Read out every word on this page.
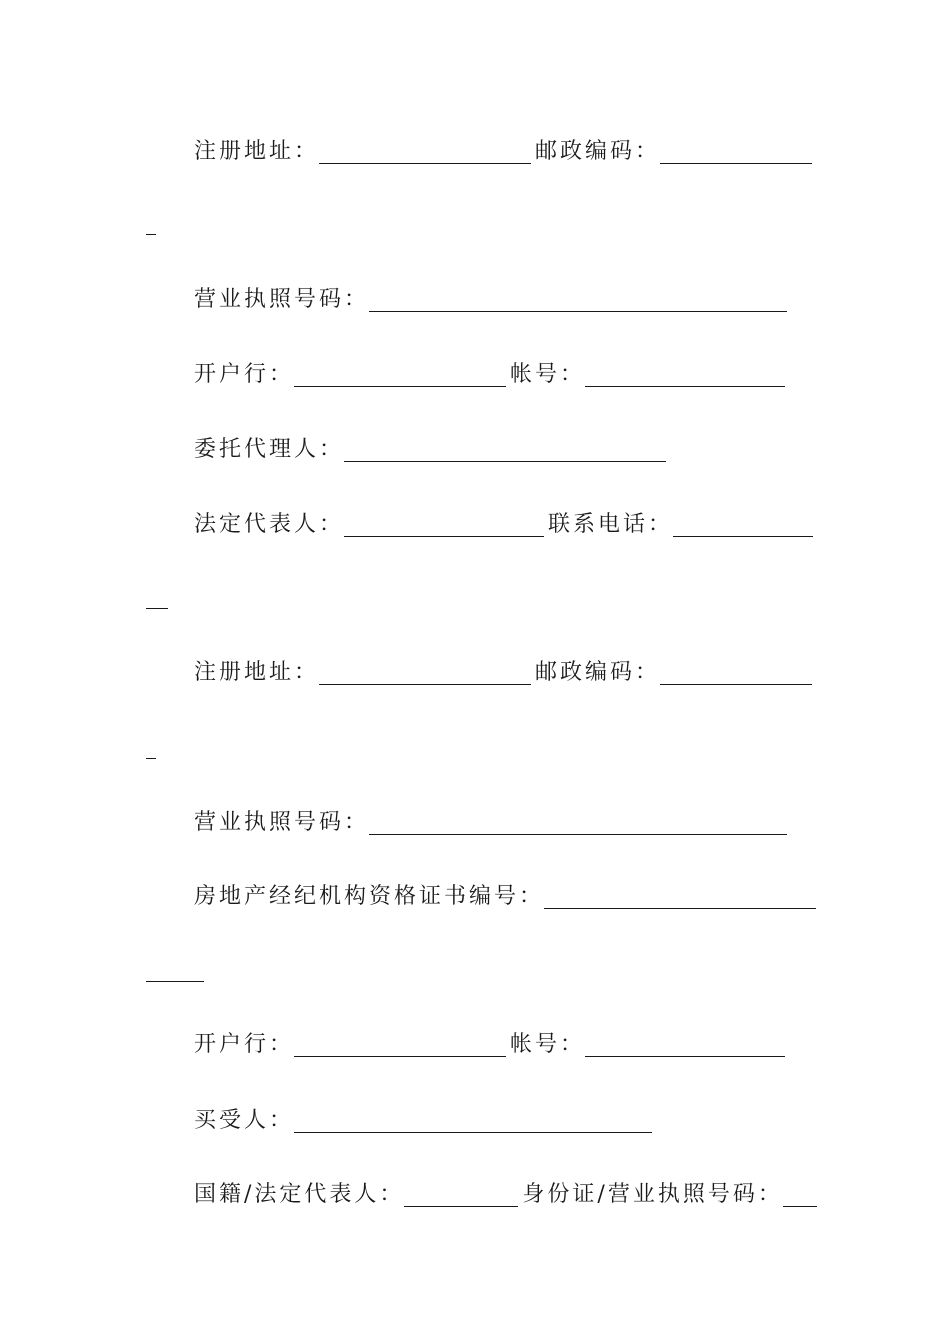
注册地址：	邮政编码：
营业执照号码：
开户行：	帐号：
委托代理人：
法定代表人：	联系电话：
注册地址：	邮政编码：
营业执照号码：
房地产经纪机构资格证书编号：
开户行：	帐号：
买受人：
国籍/法定代表人：	身份证/营业执照号码：
